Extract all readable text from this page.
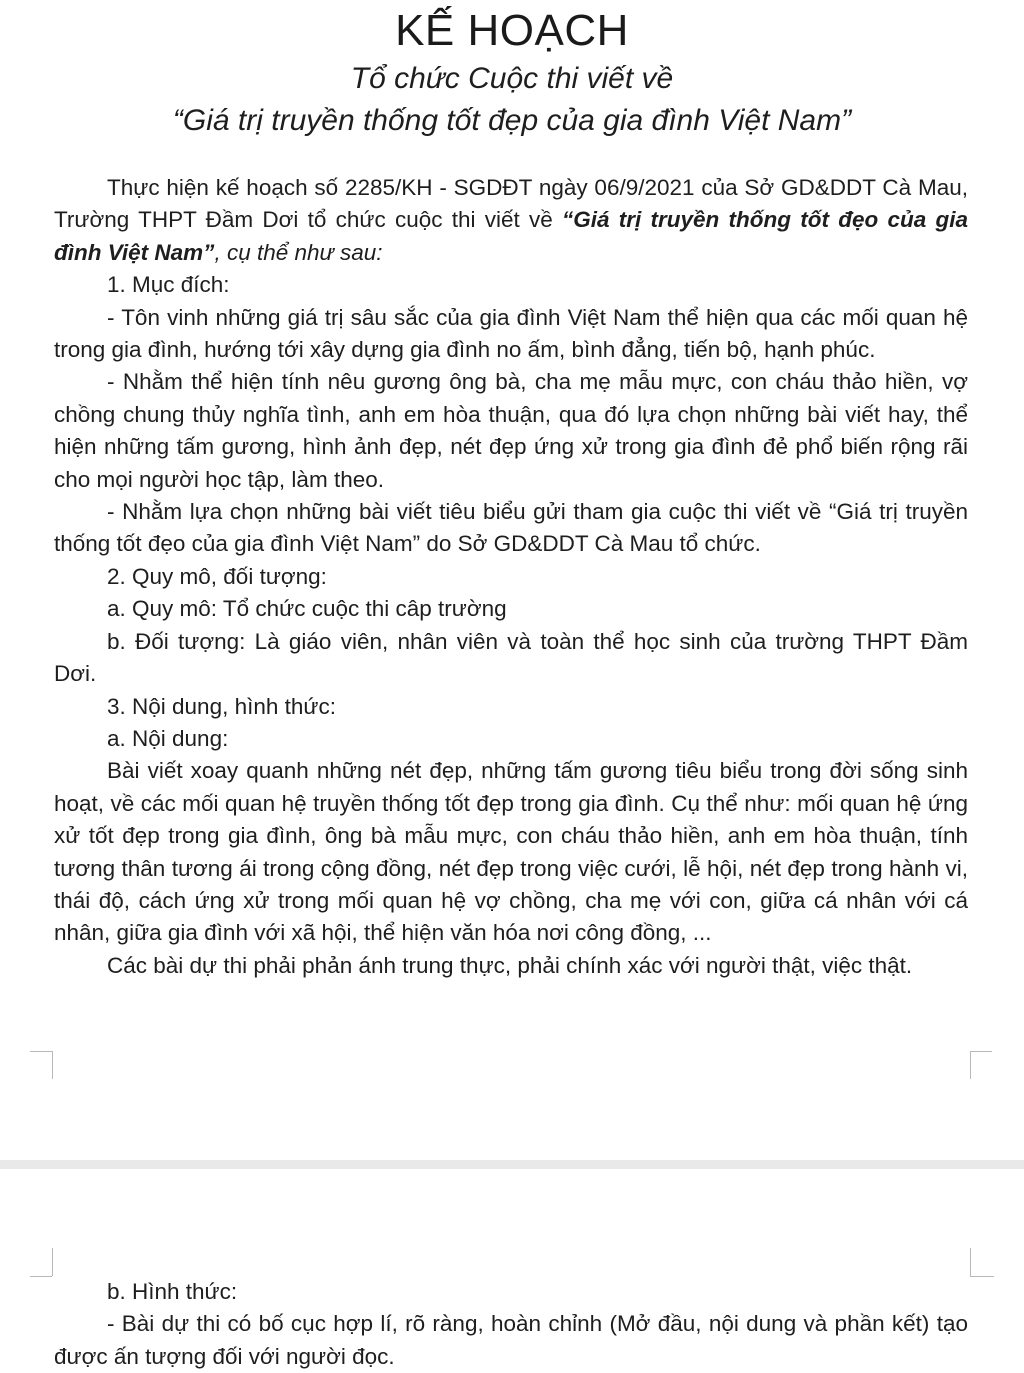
KẾ HOẠCH
Tổ chức Cuộc thi viết về
“Giá trị truyền thống tốt đẹp của gia đình Việt Nam”

Thực hiện kế hoạch số 2285/KH - SGDĐT ngày 06/9/2021 của Sở GD&DDT Cà Mau, Trường THPT Đầm Dơi tổ chức cuộc thi viết về “Giá trị truyền thống tốt đẹo của gia đình Việt Nam”, cụ thể như sau:

1. Mục đích:

- Tôn vinh những giá trị sâu sắc của gia đình Việt Nam thể hiện qua các mối quan hệ trong gia đình, hướng tới xây dựng gia đình no ấm, bình đẳng, tiến bộ, hạnh phúc.

- Nhằm thể hiện tính nêu gương ông bà, cha mẹ mẫu mực, con cháu thảo hiền, vợ chồng chung thủy nghĩa tình, anh em hòa thuận, qua đó lựa chọn những bài viết hay, thể hiện những tấm gương, hình ảnh đẹp, nét đẹp ứng xử trong gia đình đẻ phổ biến rộng rãi cho mọi người học tập, làm theo.

- Nhằm lựa chọn những bài viết tiêu biểu gửi tham gia cuộc thi viết về “Giá trị truyền thống tốt đẹo của gia đình Việt Nam” do Sở GD&DDT Cà Mau tổ chức.

2. Quy mô, đối tượng:

a. Quy mô: Tổ chức cuộc thi câp trường

b. Đối tượng: Là giáo viên, nhân viên và toàn thể học sinh của trường THPT Đầm Dơi.

3. Nội dung, hình thức:

a. Nội dung:

Bài viết xoay quanh những nét đẹp, những tấm gương tiêu biểu trong đời sống sinh hoạt, về các mối quan hệ truyền thống tốt đẹp trong gia đình. Cụ thể như: mối quan hệ ứng xử tốt đẹp trong gia đình, ông bà mẫu mực, con cháu thảo hiền, anh em hòa thuận, tính tương thân tương ái trong cộng đồng, nét đẹp trong việc cưới, lễ hội, nét đẹp trong hành vi, thái độ, cách ứng xử trong mối quan hệ vợ chồng, cha mẹ với con, giữa cá nhân với cá nhân, giữa gia đình với xã hội, thể hiện văn hóa nơi công đồng, ...

Các bài dự thi phải phản ánh trung thực, phải chính xác với người thật, việc thật.

b. Hình thức:

- Bài dự thi có bố cục hợp lí, rõ ràng, hoàn chỉnh (Mở đầu, nội dung và phần kết) tạo được ấn tượng đối với người đọc.
